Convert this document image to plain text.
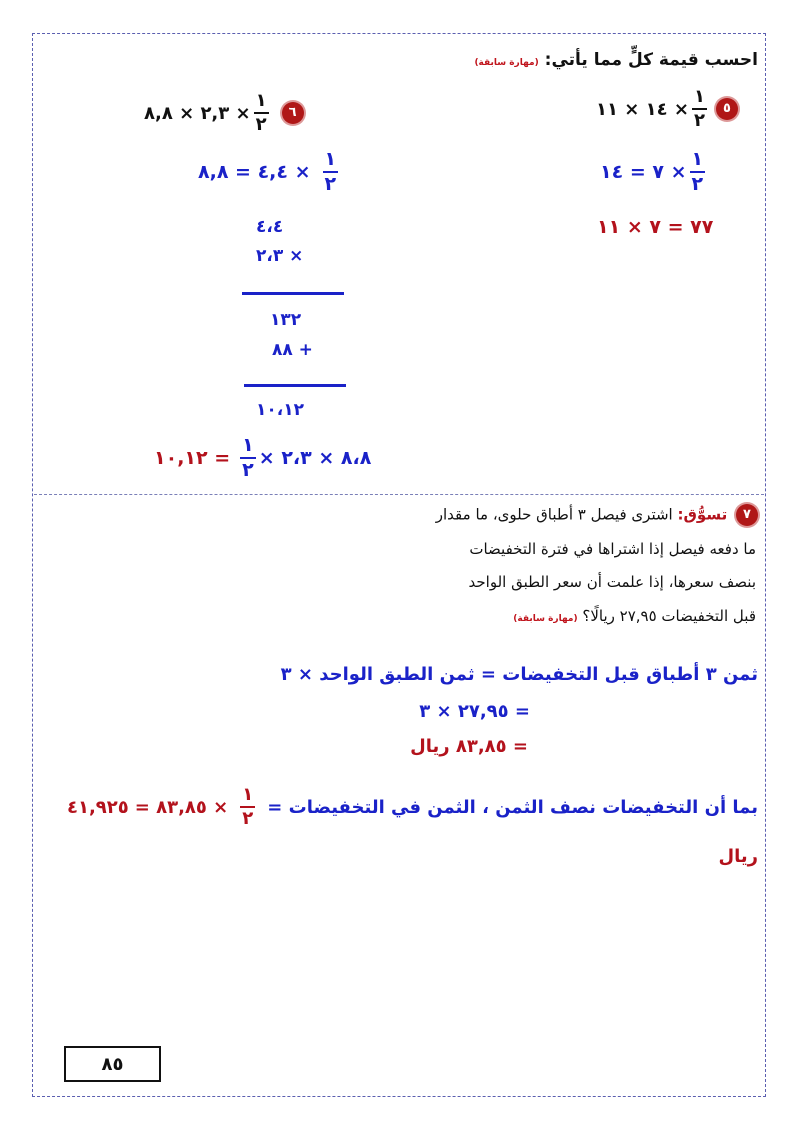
احسب قيمة كلٍّ مما يأتي: (مهارة سابقة)
١٤ × ١١ × $\frac{١}{٢}$	٥
٢,٣ × ٨,٨ × $\frac{١}{٢}$	٦
٧ = ١٤ × $\frac{١}{٢}$
٧٧ = ٧ × ١١
٤,٤ = ٨,٨ × $\frac{١}{٢}$
٤،٤
٢،٣ ×
١٣٢
٨٨ +
١٠،١٢
١٠,١٢ = $\frac{١}{٢}$ × ٨،٨ × ٢،٣
٧ تسوُّق: اشترى فيصل ٣ أطباق حلوى، ما مقدار
ما دفعه فيصل إذا اشتراها في فترة التخفيضات
بنصف سعرها، إذا علمت أن سعر الطبق الواحد
قبل التخفيضات ٢٧,٩٥ ريالًا؟ (مهارة سابقة)
ثمن ٣ أطباق قبل التخفيضات = ثمن الطبق الواحد × ٣
= ٢٧,٩٥ × ٣
= ٨٣,٨٥ ريال
بما أن التخفيضات نصف الثمن ، الثمن في التخفيضات =
$\frac{١}{٢}$
× ٨٣,٨٥ =
٤١,٩٢٥
ريال
٨٥
